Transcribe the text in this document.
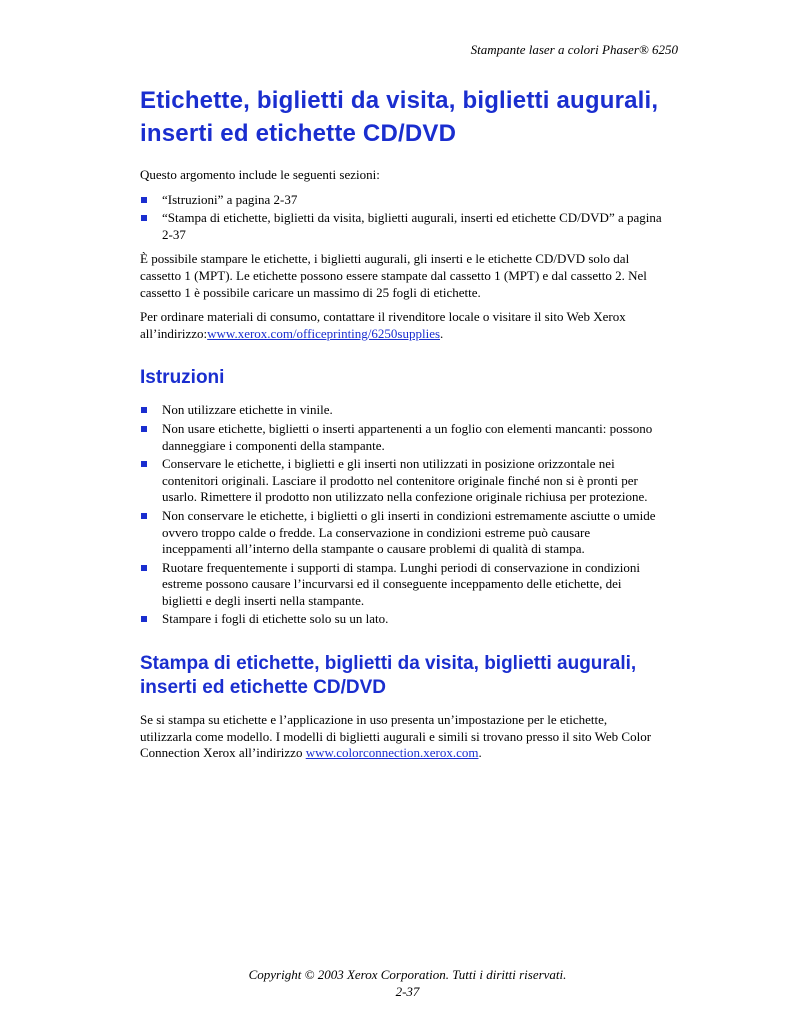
Stampante laser a colori Phaser® 6250
Etichette, biglietti da visita, biglietti augurali, inserti ed etichette CD/DVD

Questo argomento include le seguenti sezioni:

“Istruzioni” a pagina 2-37
“Stampa di etichette, biglietti da visita, biglietti augurali, inserti ed etichette CD/DVD” a pagina 2-37

È possibile stampare le etichette, i biglietti augurali, gli inserti e le etichette CD/DVD solo dal cassetto 1 (MPT). Le etichette possono essere stampate dal cassetto 1 (MPT) e dal cassetto 2. Nel cassetto 1 è possibile caricare un massimo di 25 fogli di etichette.

Per ordinare materiali di consumo, contattare il rivenditore locale o visitare il sito Web Xerox all’indirizzo:www.xerox.com/officeprinting/6250supplies.

Istruzioni
Non utilizzare etichette in vinile.
Non usare etichette, biglietti o inserti appartenenti a un foglio con elementi mancanti: possono danneggiare i componenti della stampante.
Conservare le etichette, i biglietti e gli inserti non utilizzati in posizione orizzontale nei contenitori originali. Lasciare il prodotto nel contenitore originale finché non si è pronti per usarlo. Rimettere il prodotto non utilizzato nella confezione originale richiusa per protezione.
Non conservare le etichette, i biglietti o gli inserti in condizioni estremamente asciutte o umide ovvero troppo calde o fredde. La conservazione in condizioni estreme può causare inceppamenti all’interno della stampante o causare problemi di qualità di stampa.
Ruotare frequentemente i supporti di stampa. Lunghi periodi di conservazione in condizioni estreme possono causare l’incurvarsi ed il conseguente inceppamento delle etichette, dei biglietti e degli inserti nella stampante.
Stampare i fogli di etichette solo su un lato.
Stampa di etichette, biglietti da visita, biglietti augurali, inserti ed etichette CD/DVD

Se si stampa su etichette e l’applicazione in uso presenta un’impostazione per le etichette, utilizzarla come modello. I modelli di biglietti augurali e simili si trovano presso il sito Web Color Connection Xerox all’indirizzo www.colorconnection.xerox.com.

Copyright © 2003 Xerox Corporation. Tutti i diritti riservati.
2-37
